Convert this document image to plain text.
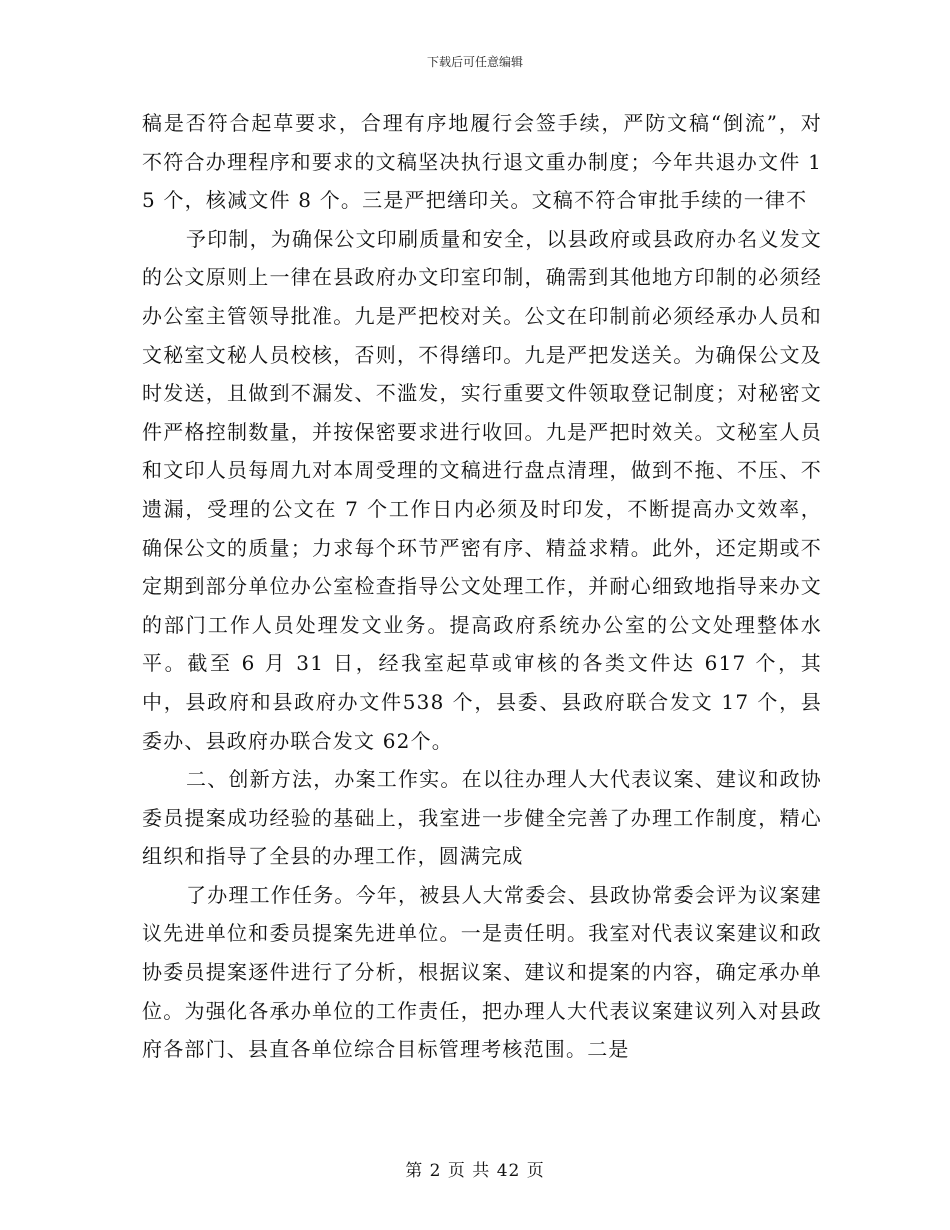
下载后可任意编辑

稿是否符合起草要求，合理有序地履行会签手续，严防文稿“倒流”，对不符合办理程序和要求的文稿坚决执行退文重办制度；今年共退办文件 15 个，核减文件 8 个。三是严把缮印关。文稿不符合审批手续的一律不

予印制，为确保公文印刷质量和安全，以县政府或县政府办名义发文的公文原则上一律在县政府办文印室印制，确需到其他地方印制的必须经办公室主管领导批准。九是严把校对关。公文在印制前必须经承办人员和文秘室文秘人员校核，否则，不得缮印。九是严把发送关。为确保公文及时发送，且做到不漏发、不滥发，实行重要文件领取登记制度；对秘密文件严格控制数量，并按保密要求进行收回。九是严把时效关。文秘室人员和文印人员每周九对本周受理的文稿进行盘点清理，做到不拖、不压、不遗漏，受理的公文在 7 个工作日内必须及时印发，不断提高办文效率，确保公文的质量；力求每个环节严密有序、精益求精。此外，还定期或不定期到部分单位办公室检查指导公文处理工作，并耐心细致地指导来办文的部门工作人员处理发文业务。提高政府系统办公室的公文处理整体水平。截至 6 月 31 日，经我室起草或审核的各类文件达 617 个，其中，县政府和县政府办文件538 个，县委、县政府联合发文 17 个，县委办、县政府办联合发文 62个。

二、创新方法，办案工作实。在以往办理人大代表议案、建议和政协委员提案成功经验的基础上，我室进一步健全完善了办理工作制度，精心组织和指导了全县的办理工作，圆满完成

了办理工作任务。今年，被县人大常委会、县政协常委会评为议案建议先进单位和委员提案先进单位。一是责任明。我室对代表议案建议和政协委员提案逐件进行了分析，根据议案、建议和提案的内容，确定承办单位。为强化各承办单位的工作责任，把办理人大代表议案建议列入对县政府各部门、县直各单位综合目标管理考核范围。二是

第 2 页 共 42 页
